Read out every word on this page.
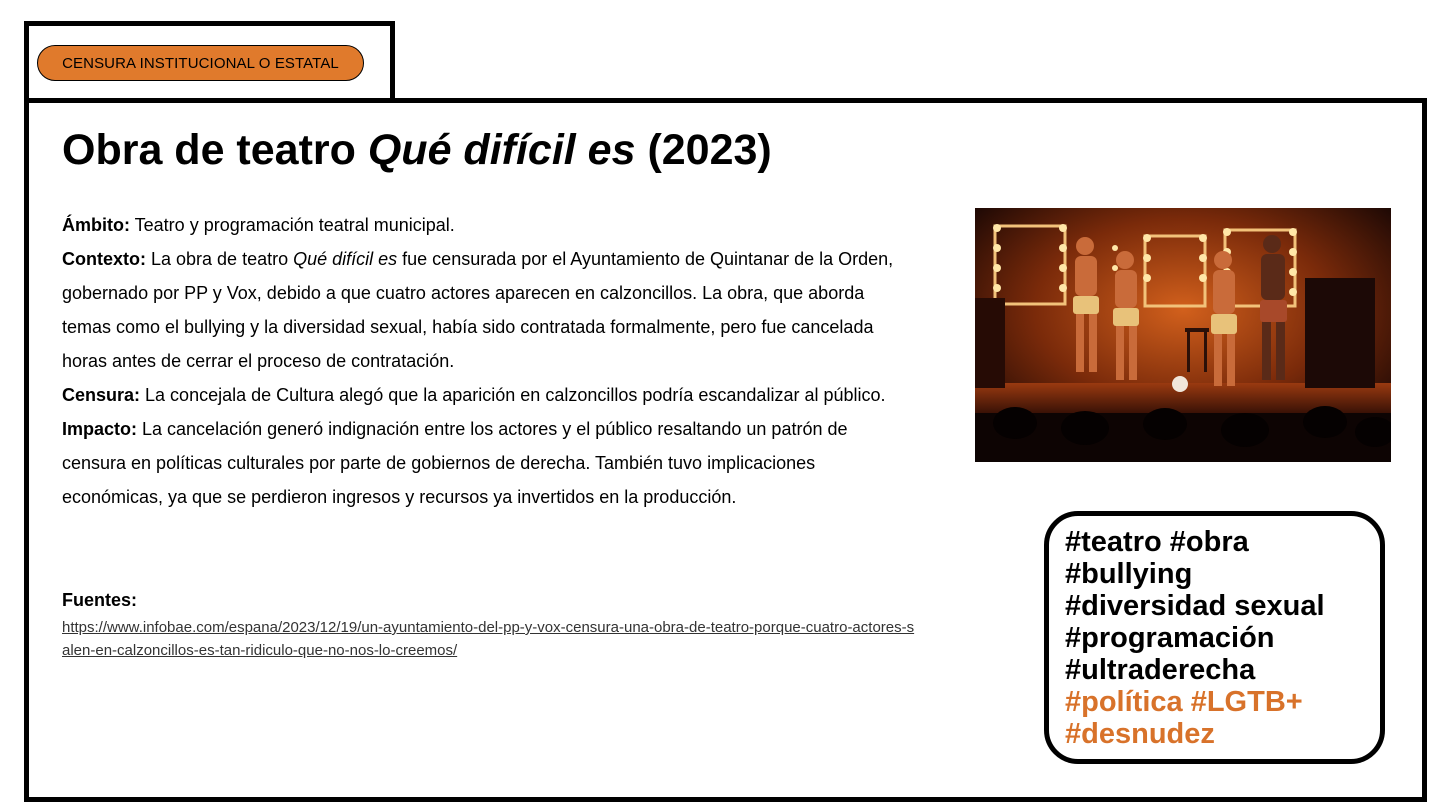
CENSURA INSTITUCIONAL O ESTATAL
Obra de teatro Qué difícil es (2023)

Ámbito: Teatro y programación teatral municipal.

Contexto: La obra de teatro Qué difícil es fue censurada por el Ayuntamiento de Quintanar de la Orden, gobernado por PP y Vox, debido a que cuatro actores aparecen en calzoncillos. La obra, que aborda temas como el bullying y la diversidad sexual, había sido contratada formalmente, pero fue cancelada horas antes de cerrar el proceso de contratación.

Censura: La concejala de Cultura alegó que la aparición en calzoncillos podría escandalizar al público.

Impacto: La cancelación generó indignación entre los actores y el público resaltando un patrón de censura en políticas culturales por parte de gobiernos de derecha. También tuvo implicaciones económicas, ya que se perdieron ingresos y recursos ya invertidos en la producción.

Fuentes:
https://www.infobae.com/espana/2023/12/19/un-ayuntamiento-del-pp-y-vox-censura-una-obra-de-teatro-porque-cuatro-actores-salen-en-calzoncillos-es-tan-ridiculo-que-no-nos-lo-creemos/
#teatro #obra
#bullying
#diversidad sexual
#programación
#ultraderecha
#política #LGTB+
#desnudez
